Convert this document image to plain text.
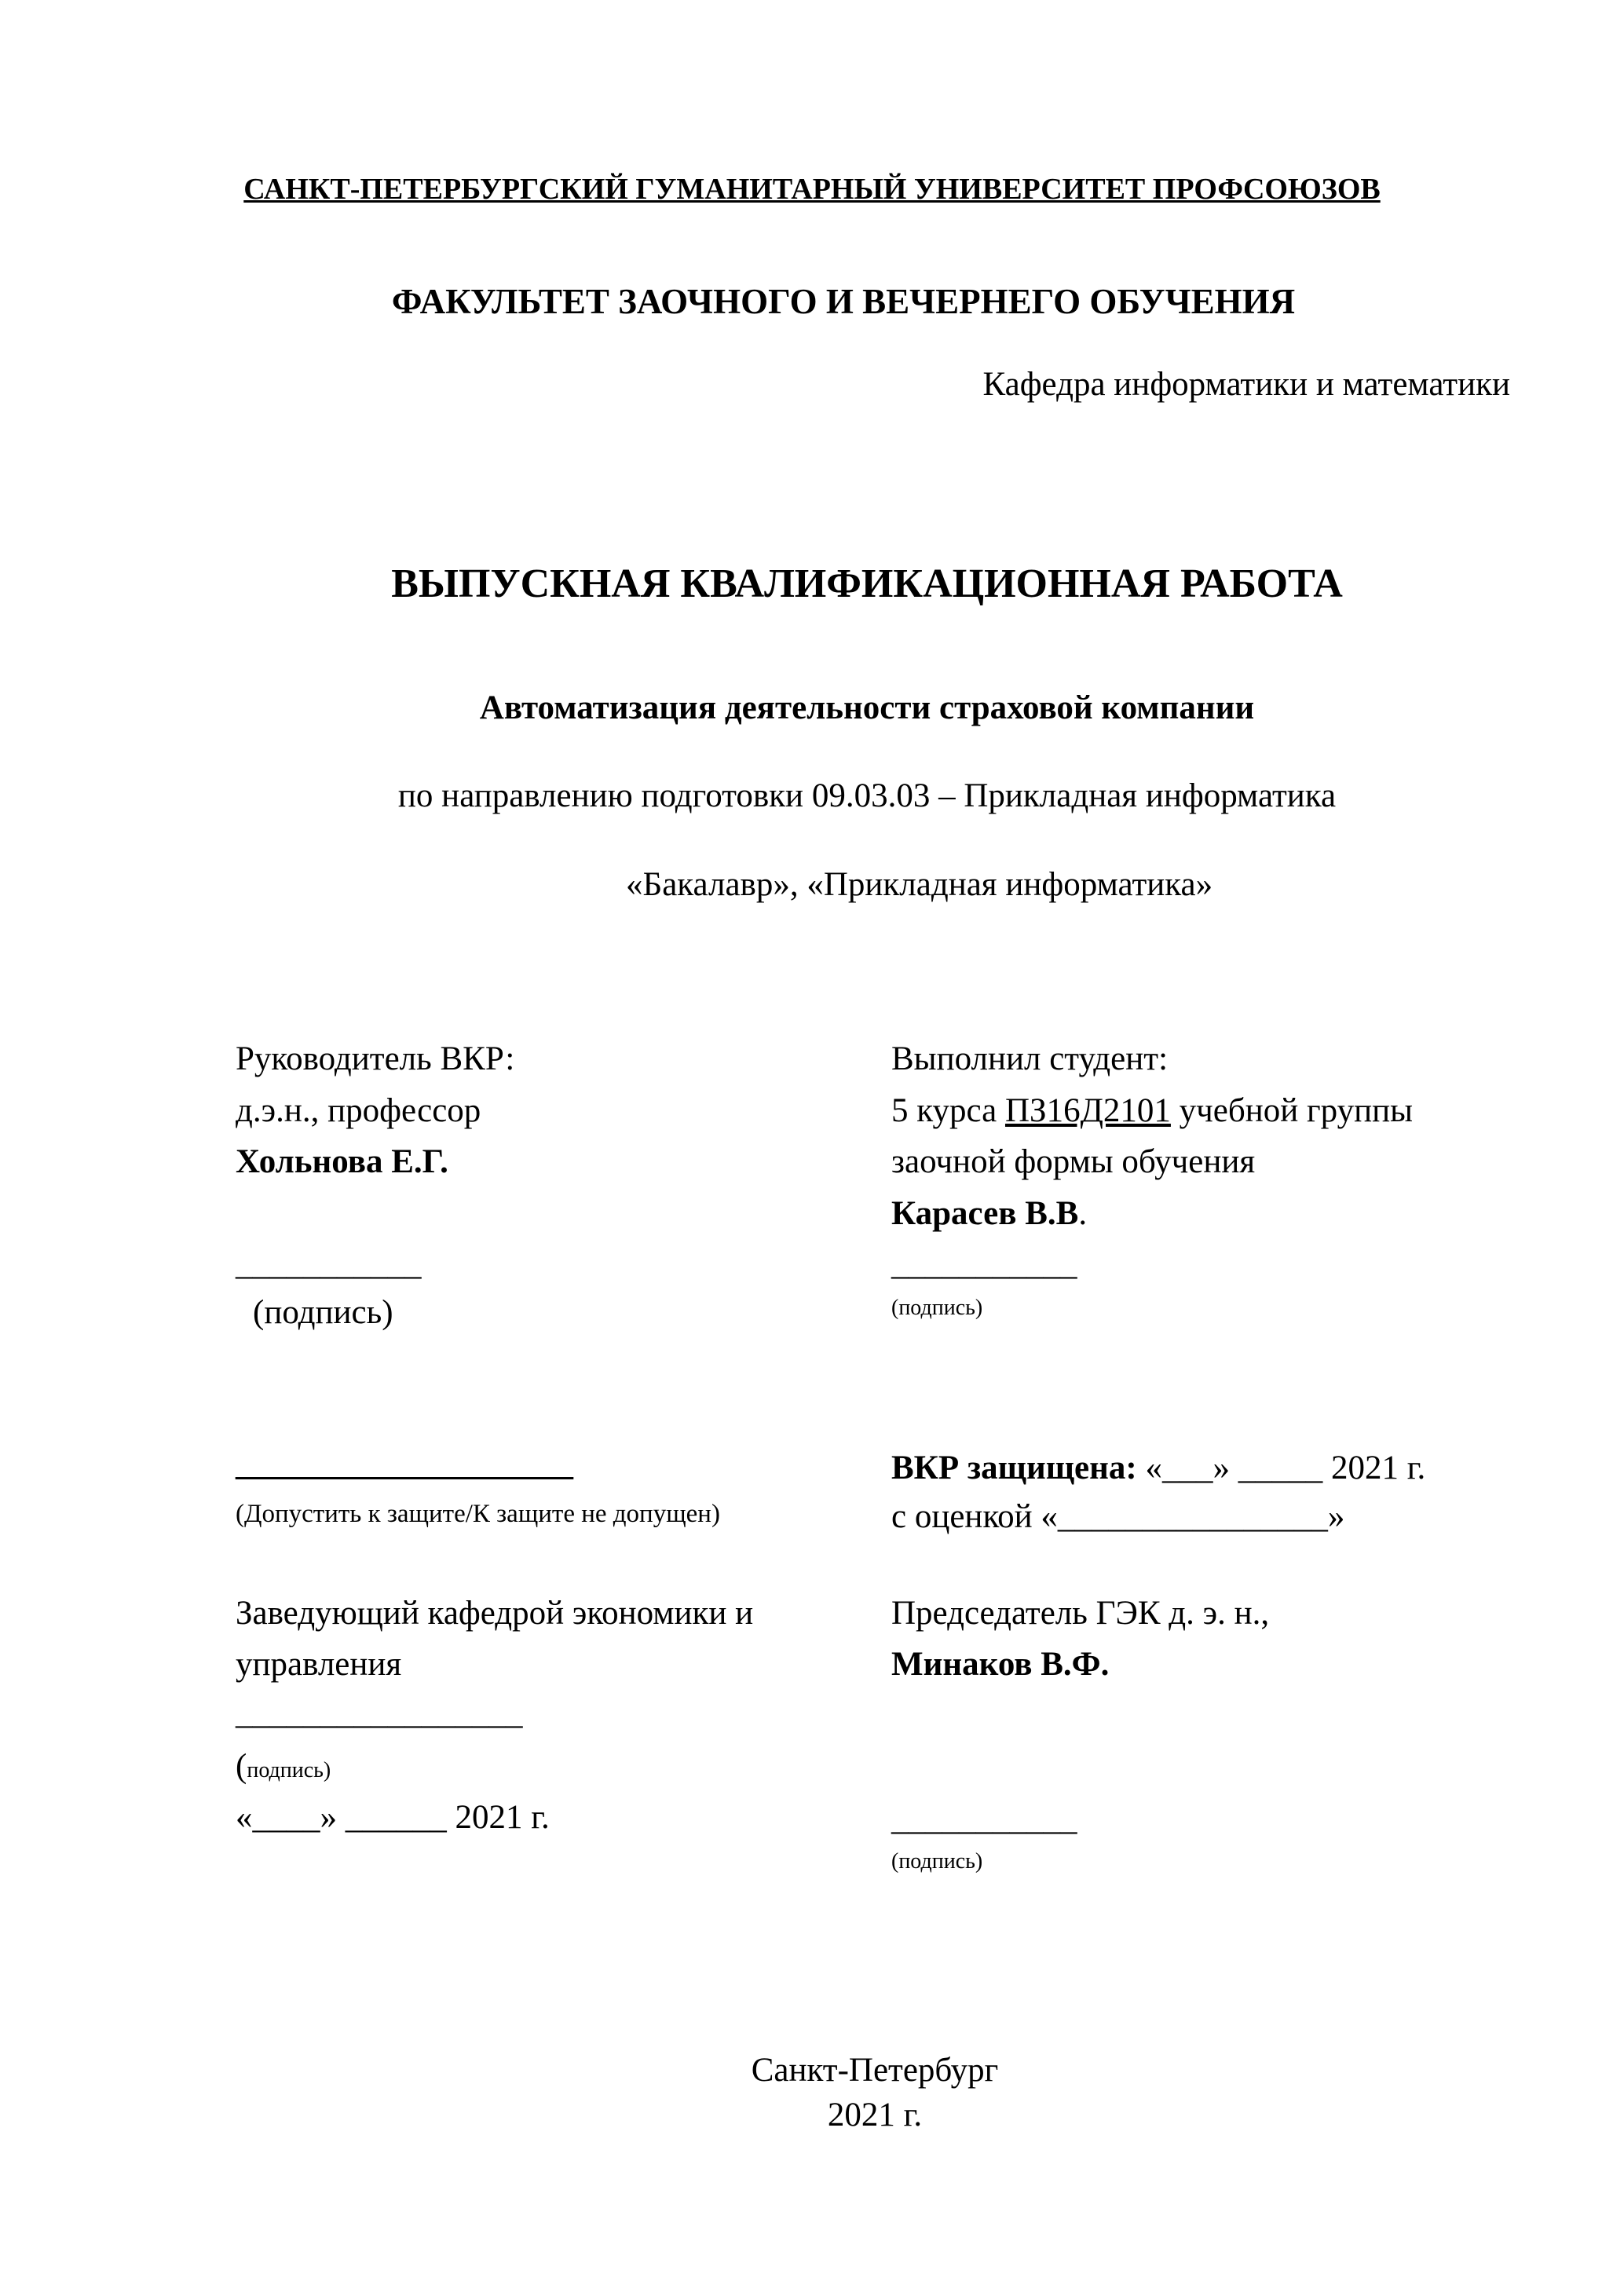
САНКТ-ПЕТЕРБУРГСКИЙ ГУМАНИТАРНЫЙ УНИВЕРСИТЕТ ПРОФСОЮЗОВ
ФАКУЛЬТЕТ ЗАОЧНОГО И ВЕЧЕРНЕГО ОБУЧЕНИЯ
Кафедра информатики и математики
ВЫПУСКНАЯ КВАЛИФИКАЦИОННАЯ РАБОТА
Автоматизация деятельности страховой компании
по направлению подготовки 09.03.03 – Прикладная информатика
«Бакалавр», «Прикладная информатика»
Руководитель ВКР:
д.э.н., профессор
Хольнова Е.Г.
___________
(подпись)
Выполнил студент:
5 курса ПЗ16Д2101 учебной группы
заочной формы обучения
Карасев В.В.
___________
(подпись)
____________________
(Допустить к защите/К защите не допущен)
ВКР защищена: «___» _____ 2021 г.
с оценкой «________________»
Заведующий кафедрой экономики и
управления
_________________
(подпись)
«____» ______ 2021 г.
Председатель ГЭК д. э. н.,
Минаков В.Ф.
___________
(подпись)
Санкт-Петербург
2021 г.
